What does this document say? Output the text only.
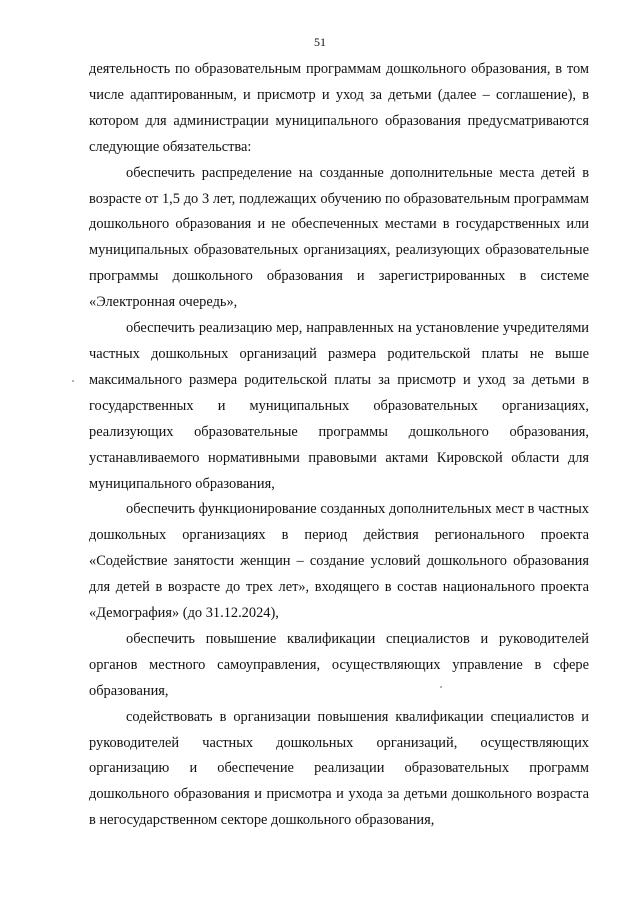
51

деятельность по образовательным программам дошкольного образования, в том числе адаптированным, и присмотр и уход за детьми (далее – соглашение), в котором для администрации муниципального образования предусматриваются следующие обязательства:

обеспечить распределение на созданные дополнительные места детей в возрасте от 1,5 до 3 лет, подлежащих обучению по образовательным программам дошкольного образования и не обеспеченных местами в государственных или муниципальных образовательных организациях, реализующих образовательные программы дошкольного образования и зарегистрированных в системе «Электронная очередь»,

обеспечить реализацию мер, направленных на установление учредителями частных дошкольных организаций размера родительской платы не выше максимального размера родительской платы за присмотр и уход за детьми в государственных и муниципальных образовательных организациях, реализующих образовательные программы дошкольного образования, устанавливаемого нормативными правовыми актами Кировской области для муниципального образования,

обеспечить функционирование созданных дополнительных мест в частных дошкольных организациях в период действия регионального проекта «Содействие занятости женщин – создание условий дошкольного образования для детей в возрасте до трех лет», входящего в состав национального проекта «Демография» (до 31.12.2024),

обеспечить повышение квалификации специалистов и руководителей органов местного самоуправления, осуществляющих управление в сфере образования,

содействовать в организации повышения квалификации специалистов и руководителей частных дошкольных организаций, осуществляющих организацию и обеспечение реализации образовательных программ дошкольного образования и присмотра и ухода за детьми дошкольного возраста в негосударственном секторе дошкольного образования,
